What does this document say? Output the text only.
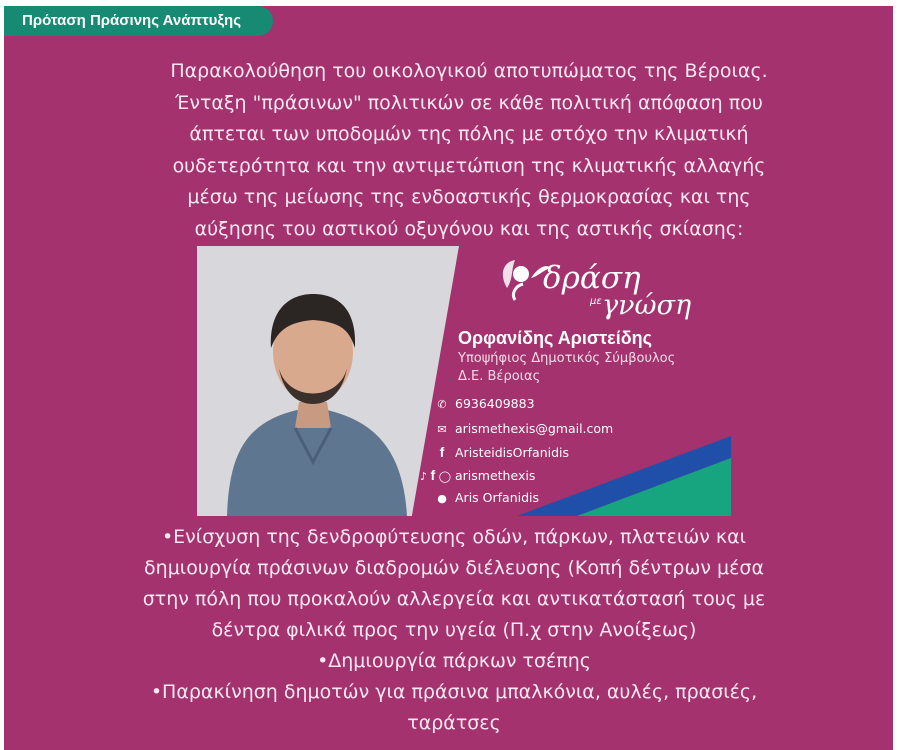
Πρόταση Πράσινης Ανάπτυξης

Παρακολούθηση του οικολογικού αποτυπώματος της Βέροιας.
Ένταξη "πράσινων" πολιτικών σε κάθε πολιτική απόφαση που
άπτεται των υποδομών της πόλης με στόχο την κλιματική
ουδετερότητα και την αντιμετώπιση της κλιματικής αλλαγής
μέσω της μείωσης της ενδοαστικής θερμοκρασίας και της
αύξησης του αστικού οξυγόνου και της αστικής σκίασης:

δράση
με γνώση
Ορφανίδης Αριστείδης
Υποψήφιος Δημοτικός Σύμβουλος
Δ.Ε. Βέροιας
✆ 6936409883
✉ arismethexis@gmail.com
f AristeidisOrfanidis
♪ f ◯ arismethexis
● Aris Orfanidis
•Ενίσχυση της δενδροφύτευσης οδών, πάρκων, πλατειών και
δημιουργία πράσινων διαδρομών διέλευσης (Κοπή δέντρων μέσα
στην πόλη που προκαλούν αλλεργεία και αντικατάστασή τους με
δέντρα φιλικά προς την υγεία (Π.χ στην Ανοίξεως)
•Δημιουργία πάρκων τσέπης
•Παρακίνηση δημοτών για πράσινα μπαλκόνια, αυλές, πρασιές,
ταράτσες
